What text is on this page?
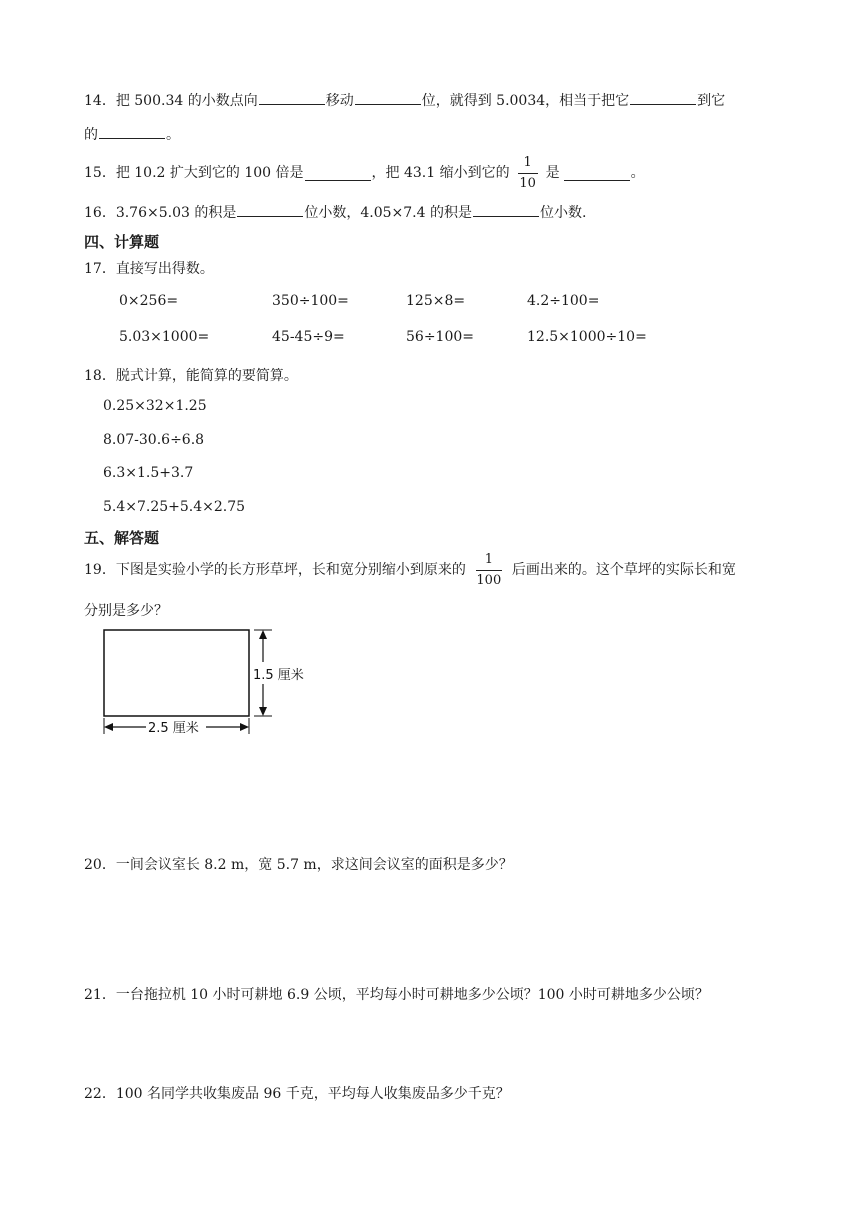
14．把 500.34 的小数点向	移动	位，就得到 5.0034，相当于把它	到它
的	。
15． 把 10.2 扩大到它的 100 倍是	，把 43.1 缩小到它的 $\frac{1}{10}$ 是	。
16．3.76×5.03 的积是	位小数，4.05×7.4 的积是	位小数.
四、计算题
17．直接写出得数。
0×256=	350÷100=	125×8=	4.2÷100=
5.03×1000=	45-45÷9=	56÷100=	12.5×1000÷10=
18．脱式计算，能简算的要简算。
0.25×32×1.25
8.07-30.6÷6.8
6.3×1.5+3.7
5.4×7.25+5.4×2.75
五、解答题
19． 下图是实验小学的长方形草坪，长和宽分别缩小到原来的 $\frac{1}{100}$ 后画出来的。这个草坪的实际长和宽
分别是多少？
1.5 厘米
2.5 厘米
20．一间会议室长 8.2 m，宽 5.7 m，求这间会议室的面积是多少？
21．一台拖拉机 10 小时可耕地 6.9 公顷，平均每小时可耕地多少公顷？100 小时可耕地多少公顷？
22．100 名同学共收集废品 96 千克，平均每人收集废品多少千克？
